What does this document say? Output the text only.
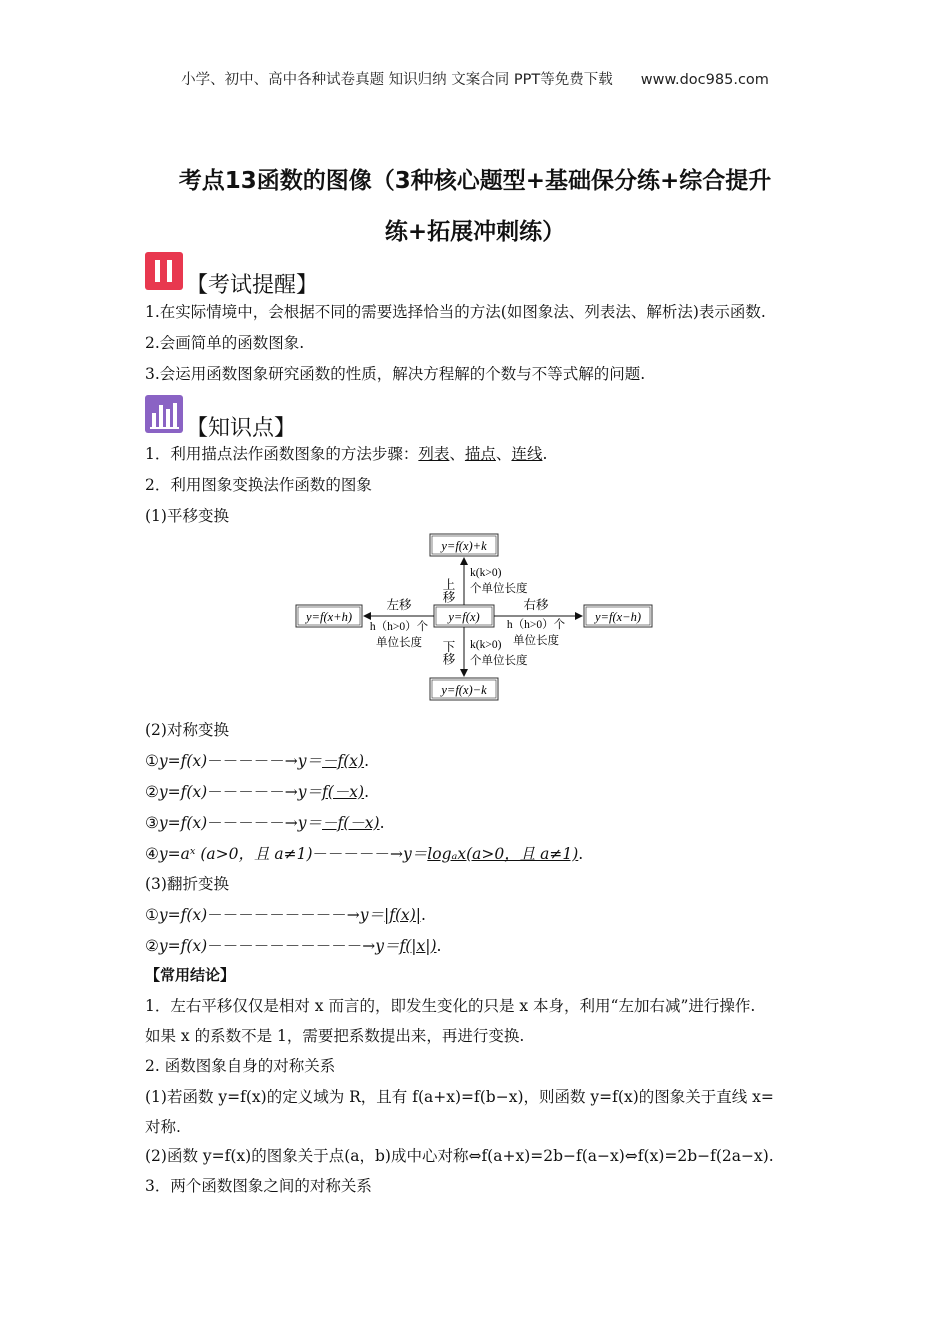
小学、初中、高中各种试卷真题 知识归纳 文案合同 PPT等免费下载 www.doc985.com
考点13函数的图像（3种核心题型+基础保分练+综合提升
练+拓展冲刺练）
【考试提醒】
1.在实际情境中，会根据不同的需要选择恰当的方法(如图象法、列表法、解析法)表示函数.
2.会画简单的函数图象.
3.会运用函数图象研究函数的性质，解决方程解的个数与不等式解的问题.
【知识点】
1．利用描点法作函数图象的方法步骤：列表、描点、连线.
2．利用图象变换法作函数的图象
(1)平移变换
y=f(x)+k
y=f(x)
y=f(x)−k
y=f(x+h)	y=f(x−h)
上移
k(k>0)
个单位长度
下移 k(k>0)
个单位长度
左移
h（h>0）个
单位长度
右移
h（h>0）个
单位长度
(2)对称变换
①y=f(x)－－－－－→y＝－f(x).
②y=f(x)－－－－－→y＝f(－x).
③y=f(x)－－－－－→y＝－f(－x).
④y=aˣ (a>0，且 a≠1)－－－－－→y＝logₐx(a>0，且 a≠1).
(3)翻折变换
①y=f(x)－－－－－－－－－→y＝|f(x)|.
②y=f(x)－－－－－－－－－－→y＝f(|x|).
【常用结论】
1．左右平移仅仅是相对 x 而言的，即发生变化的只是 x 本身，利用“左加右减”进行操作.
如果 x 的系数不是 1，需要把系数提出来，再进行变换.
2. 函数图象自身的对称关系
(1)若函数 y=f(x)的定义域为 R，且有 f(a+x)=f(b−x)，则函数 y=f(x)的图象关于直线 x=
对称.
(2)函数 y=f(x)的图象关于点(a，b)成中心对称⇔f(a+x)=2b−f(a−x)⇔f(x)=2b−f(2a−x).
3．两个函数图象之间的对称关系
